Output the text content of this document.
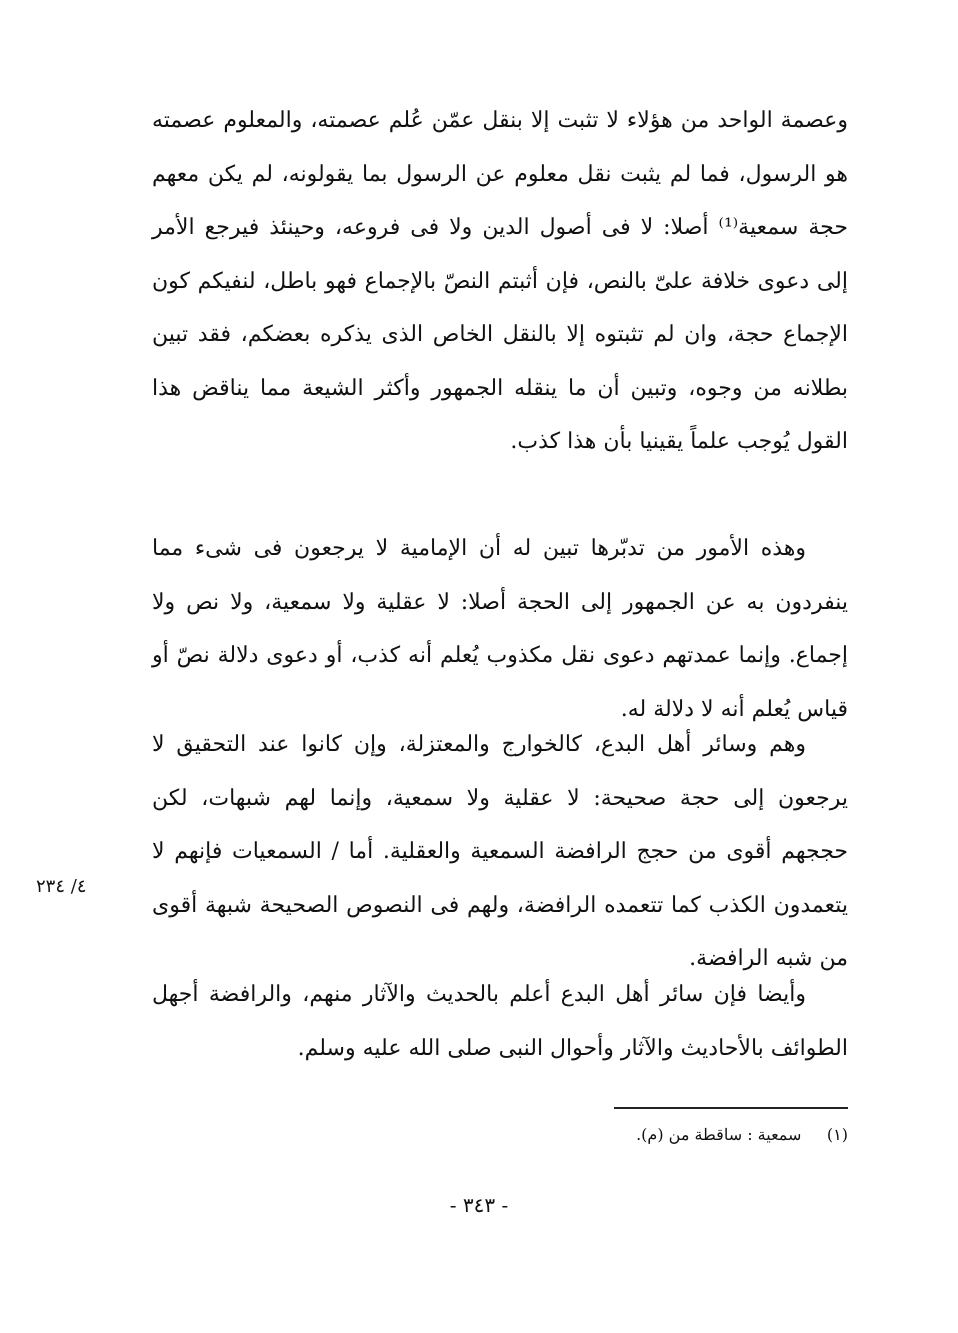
وعصمة الواحد من هؤلاء لا تثبت إلا بنقل عمّن عُلم عصمته، والمعلوم عصمته هو الرسول، فما لم يثبت نقل معلوم عن الرسول بما يقولونه، لم يكن معهم حجة سمعية⁽¹⁾ أصلا: لا فى أصول الدين ولا فى فروعه، وحينئذ فيرجع الأمر إلى دعوى خلافة علىّ بالنص، فإن أثبتم النصّ بالإجماع فهو باطل، لنفيكم كون الإجماع حجة، وان لم تثبتوه إلا بالنقل الخاص الذى يذكره بعضكم، فقد تبين بطلانه من وجوه، وتبين أن ما ينقله الجمهور وأكثر الشيعة مما يناقض هذا القول يُوجب علماً يقينيا بأن هذا كذب.

وهذه الأمور من تدبّرها تبين له أن الإمامية لا يرجعون فى شىء مما ينفردون به عن الجمهور إلى الحجة أصلا: لا عقلية ولا سمعية، ولا نص ولا إجماع. وإنما عمدتهم دعوى نقل مكذوب يُعلم أنه كذب، أو دعوى دلالة نصّ أو قياس يُعلم أنه لا دلالة له.

وهم وسائر أهل البدع، كالخوارج والمعتزلة، وإن كانوا عند التحقيق لا يرجعون إلى حجة صحيحة: لا عقلية ولا سمعية، وإنما لهم شبهات، لكن حججهم أقوى من حجج الرافضة السمعية والعقلية. أما / السمعيات فإنهم لا يتعمدون الكذب كما تتعمده الرافضة، ولهم فى النصوص الصحيحة شبهة أقوى من شبه الرافضة.

وأيضا فإن سائر أهل البدع أعلم بالحديث والآثار منهم، والرافضة أجهل الطوائف بالأحاديث والآثار وأحوال النبى صلى الله عليه وسلم.

٤/ ٢٣٤
(١)     سمعية : ساقطة من (م).
- ٣٤٣ -
